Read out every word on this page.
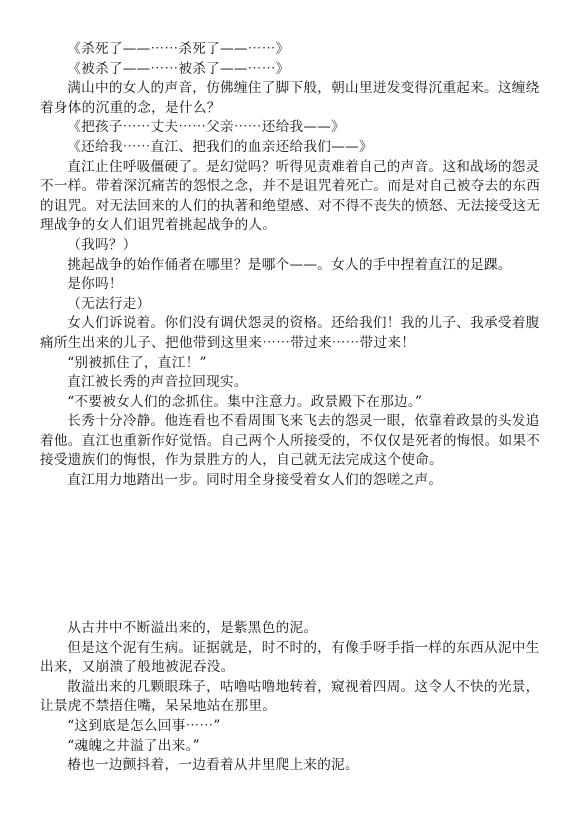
《杀死了——⋯⋯杀死了——⋯⋯》

《被杀了——⋯⋯被杀了——⋯⋯》

满山中的女人的声音，仿佛缠住了脚下般，朝山里迸发变得沉重起来。这缠绕着身体的沉重的念，是什么？

《把孩子⋯⋯丈夫⋯⋯父亲⋯⋯还给我——》

《还给我⋯⋯直江、把我们的血亲还给我们——》

直江止住呼吸僵硬了。是幻觉吗？听得见责难着自己的声音。这和战场的怨灵不一样。带着深沉痛苦的怨恨之念，并不是诅咒着死亡。而是对自己被夺去的东西的诅咒。对无法回来的人们的执著和绝望感、对不得不丧失的愤怒、无法接受这无理战争的女人们诅咒着挑起战争的人。

（我吗？）

挑起战争的始作俑者在哪里？是哪个——。女人的手中捏着直江的足踝。

是你吗！

（无法行走）

女人们诉说着。你们没有调伏怨灵的资格。还给我们！我的儿子、我承受着腹痛所生出来的儿子、把他带到这里来⋯⋯带过来⋯⋯带过来！

“别被抓住了，直江！”

直江被长秀的声音拉回现实。

“不要被女人们的念抓住。集中注意力。政景殿下在那边。”

长秀十分冷静。他连看也不看周围飞来飞去的怨灵一眼，依靠着政景的头发追着他。直江也重新作好觉悟。自己两个人所接受的，不仅仅是死者的悔恨。如果不接受遗族们的悔恨，作为景胜方的人，自己就无法完成这个使命。

直江用力地踏出一步。同时用全身接受着女人们的怨嗟之声。

从古井中不断溢出来的，是紫黑色的泥。

但是这个泥有生病。证据就是，时不时的，有像手呀手指一样的东西从泥中生出来，又崩溃了般地被泥吞没。

散溢出来的几颗眼珠子，咕噜咕噜地转着，窥视着四周。这令人不快的光景，让景虎不禁捂住嘴，呆呆地站在那里。

“这到底是怎么回事⋯⋯”

“魂魄之井溢了出来。”

椿也一边颤抖着，一边看着从井里爬上来的泥。
